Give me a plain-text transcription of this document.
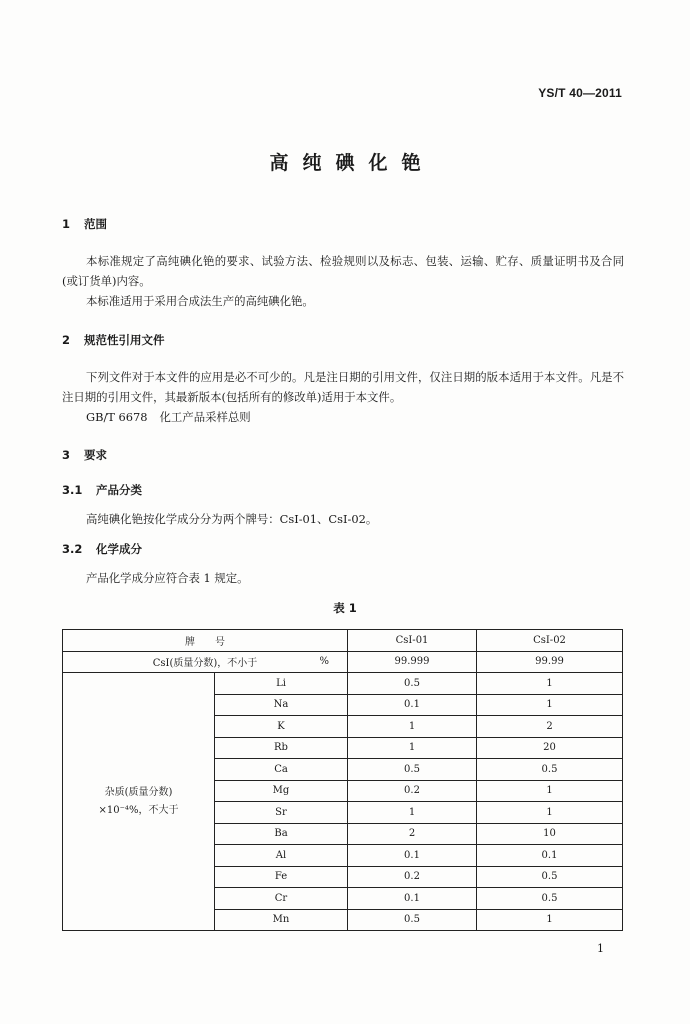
YS/T 40—2011
高纯碘化铯
1 范围
本标准规定了高纯碘化铯的要求、试验方法、检验规则以及标志、包装、运输、贮存、质量证明书及合同(或订货单)内容。
本标准适用于采用合成法生产的高纯碘化铯。
2 规范性引用文件
下列文件对于本文件的应用是必不可少的。凡是注日期的引用文件，仅注日期的版本适用于本文件。凡是不注日期的引用文件，其最新版本(包括所有的修改单)适用于本文件。
GB/T 6678 化工产品采样总则
3 要求
3.1 产品分类
高纯碘化铯按化学成分分为两个牌号：CsI-01、CsI-02。
3.2 化学成分
产品化学成分应符合表 1 规定。
表 1
牌　　号		CsI-01	CsI-02
CsI(质量分数)，不小于 %		99.999	99.99

杂质(质量分数)
×10⁻⁴%，不大于	Li	0.5	1
	Na	0.1	1
	K	1	2
	Rb	1	20
	Ca	0.5	0.5
	Mg	0.2	1
	Sr	1	1
	Ba	2	10
	Al	0.1	0.1
	Fe	0.2	0.5
	Cr	0.1	0.5
	Mn	0.5	1
1
